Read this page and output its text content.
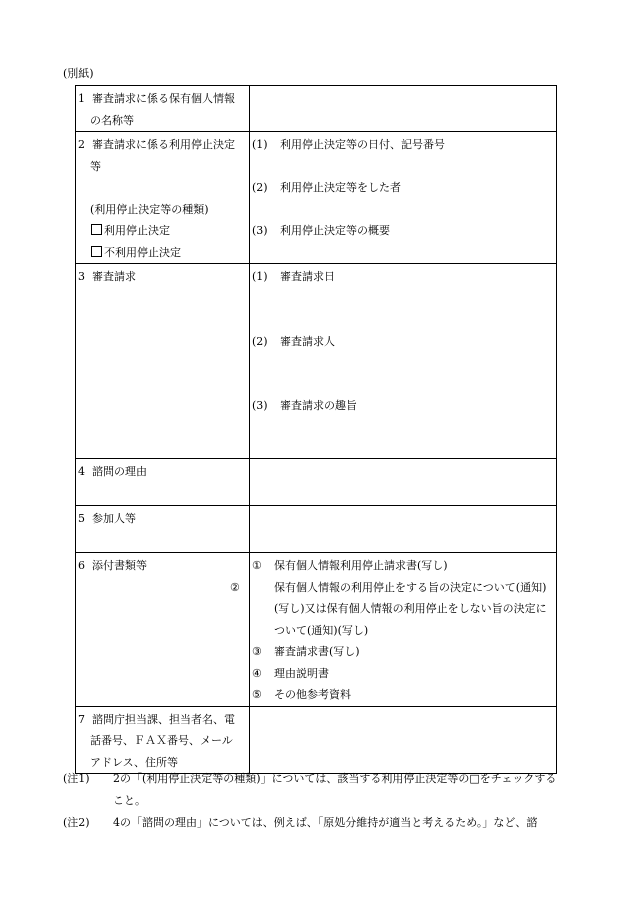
(別紙)
1 審査請求に係る保有個人情報
の名称等	

2 審査請求に係る利用停止決定
等
(利用停止決定等の種類)
利用停止決定
不利用停止決定	(1) 利用停止決定等の日付、記号番号
(2) 利用停止決定等をした者
(3) 利用停止決定等の概要

3 審査請求	(1) 審査請求日
(2) 審査請求人
(3) 審査請求の趣旨

4 諮問の理由	

5 参加人等	

6 添付書類等	① 保有個人情報利用停止請求書(写し)
② 保有個人情報の利用停止をする旨の決定について(通知)(写し)又は保有個人情報の利用停止をしない旨の決定について(通知)(写し)
③ 審査請求書(写し)
④ 理由説明書
⑤ その他参考資料

7 諮問庁担当課、担当者名、電
話番号、ＦＡＸ番号、メール
アドレス、住所等	

(注1)	2の「(利用停止決定等の種類)」については、該当する利用停止決定等の□をチェックすること。
(注2)	4の「諮問の理由」については、例えば、「原処分維持が適当と考えるため。」など、諮
